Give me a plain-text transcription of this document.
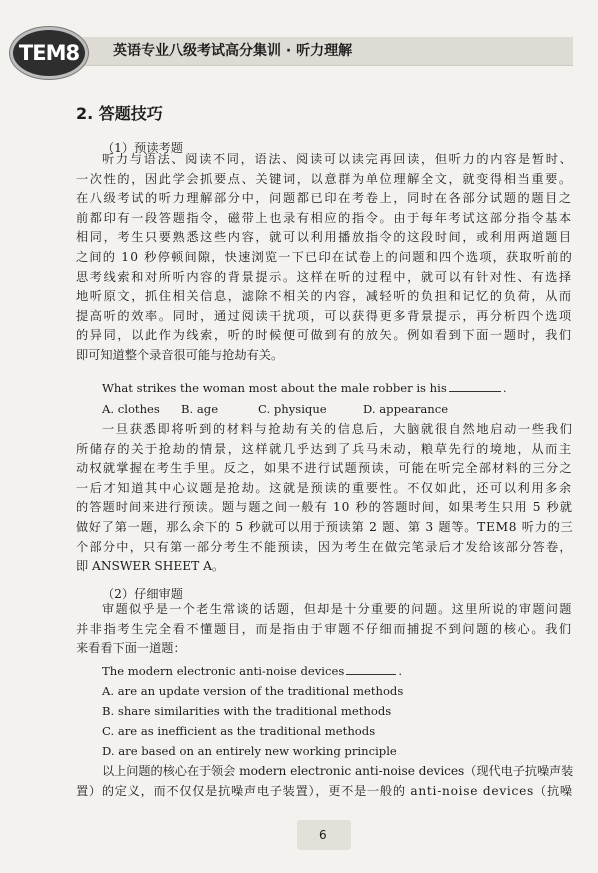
TEM8	英语专业八级考试高分集训 · 听力理解
2. 答题技巧
（1）预读考题
听力与语法、阅读不同，语法、阅读可以读完再回读，但听力的内容是暂时、
一次性的，因此学会抓要点、关键词，以意群为单位理解全文，就变得相当重要。
在八级考试的听力理解部分中，问题都已印在考卷上，同时在各部分试题的题目之
前都印有一段答题指令，磁带上也录有相应的指令。由于每年考试这部分指令基本
相同，考生只要熟悉这些内容，就可以利用播放指令的这段时间，或利用两道题目
之间的 10 秒停顿间隙，快速浏览一下已印在试卷上的问题和四个选项，获取听前的
思考线索和对所听内容的背景提示。这样在听的过程中，就可以有针对性、有选择
地听原文，抓住相关信息，滤除不相关的内容，减轻听的负担和记忆的负荷，从而
提高听的效率。同时，通过阅读干扰项，可以获得更多背景提示，再分析四个选项
的异同，以此作为线索，听的时候便可做到有的放矢。例如看到下面一题时，我们
即可知道整个录音很可能与抢劫有关。
What strikes the woman most about the male robber is his	.
A. clothes B. age	C. physique	D. appearance
一旦获悉即将听到的材料与抢劫有关的信息后，大脑就很自然地启动一些我们
所储存的关于抢劫的情景，这样就几乎达到了兵马未动，粮草先行的境地，从而主
动权就掌握在考生手里。反之，如果不进行试题预读，可能在听完全部材料的三分之
一后才知道其中心议题是抢劫。这就是预读的重要性。不仅如此，还可以利用多余
的答题时间来进行预读。题与题之间一般有 10 秒的答题时间，如果考生只用 5 秒就
做好了第一题，那么余下的 5 秒就可以用于预读第 2 题、第 3 题等。TEM8 听力的三
个部分中，只有第一部分考生不能预读，因为考生在做完笔录后才发给该部分答卷，
即 ANSWER SHEET A。
（2）仔细审题
审题似乎是一个老生常谈的话题，但却是十分重要的问题。这里所说的审题问题
并非指考生完全看不懂题目，而是指由于审题不仔细而捕捉不到问题的核心。我们
来看看下面一道题：
The modern electronic anti-noise devices	.
A. are an update version of the traditional methods
B. share similarities with the traditional methods
C. are as inefficient as the traditional methods
D. are based on an entirely new working principle
以上问题的核心在于领会 modern electronic anti-noise devices（现代电子抗噪声装
置）的定义，而不仅仅是抗噪声电子装置），更不是一般的 anti-noise devices（抗噪
6
